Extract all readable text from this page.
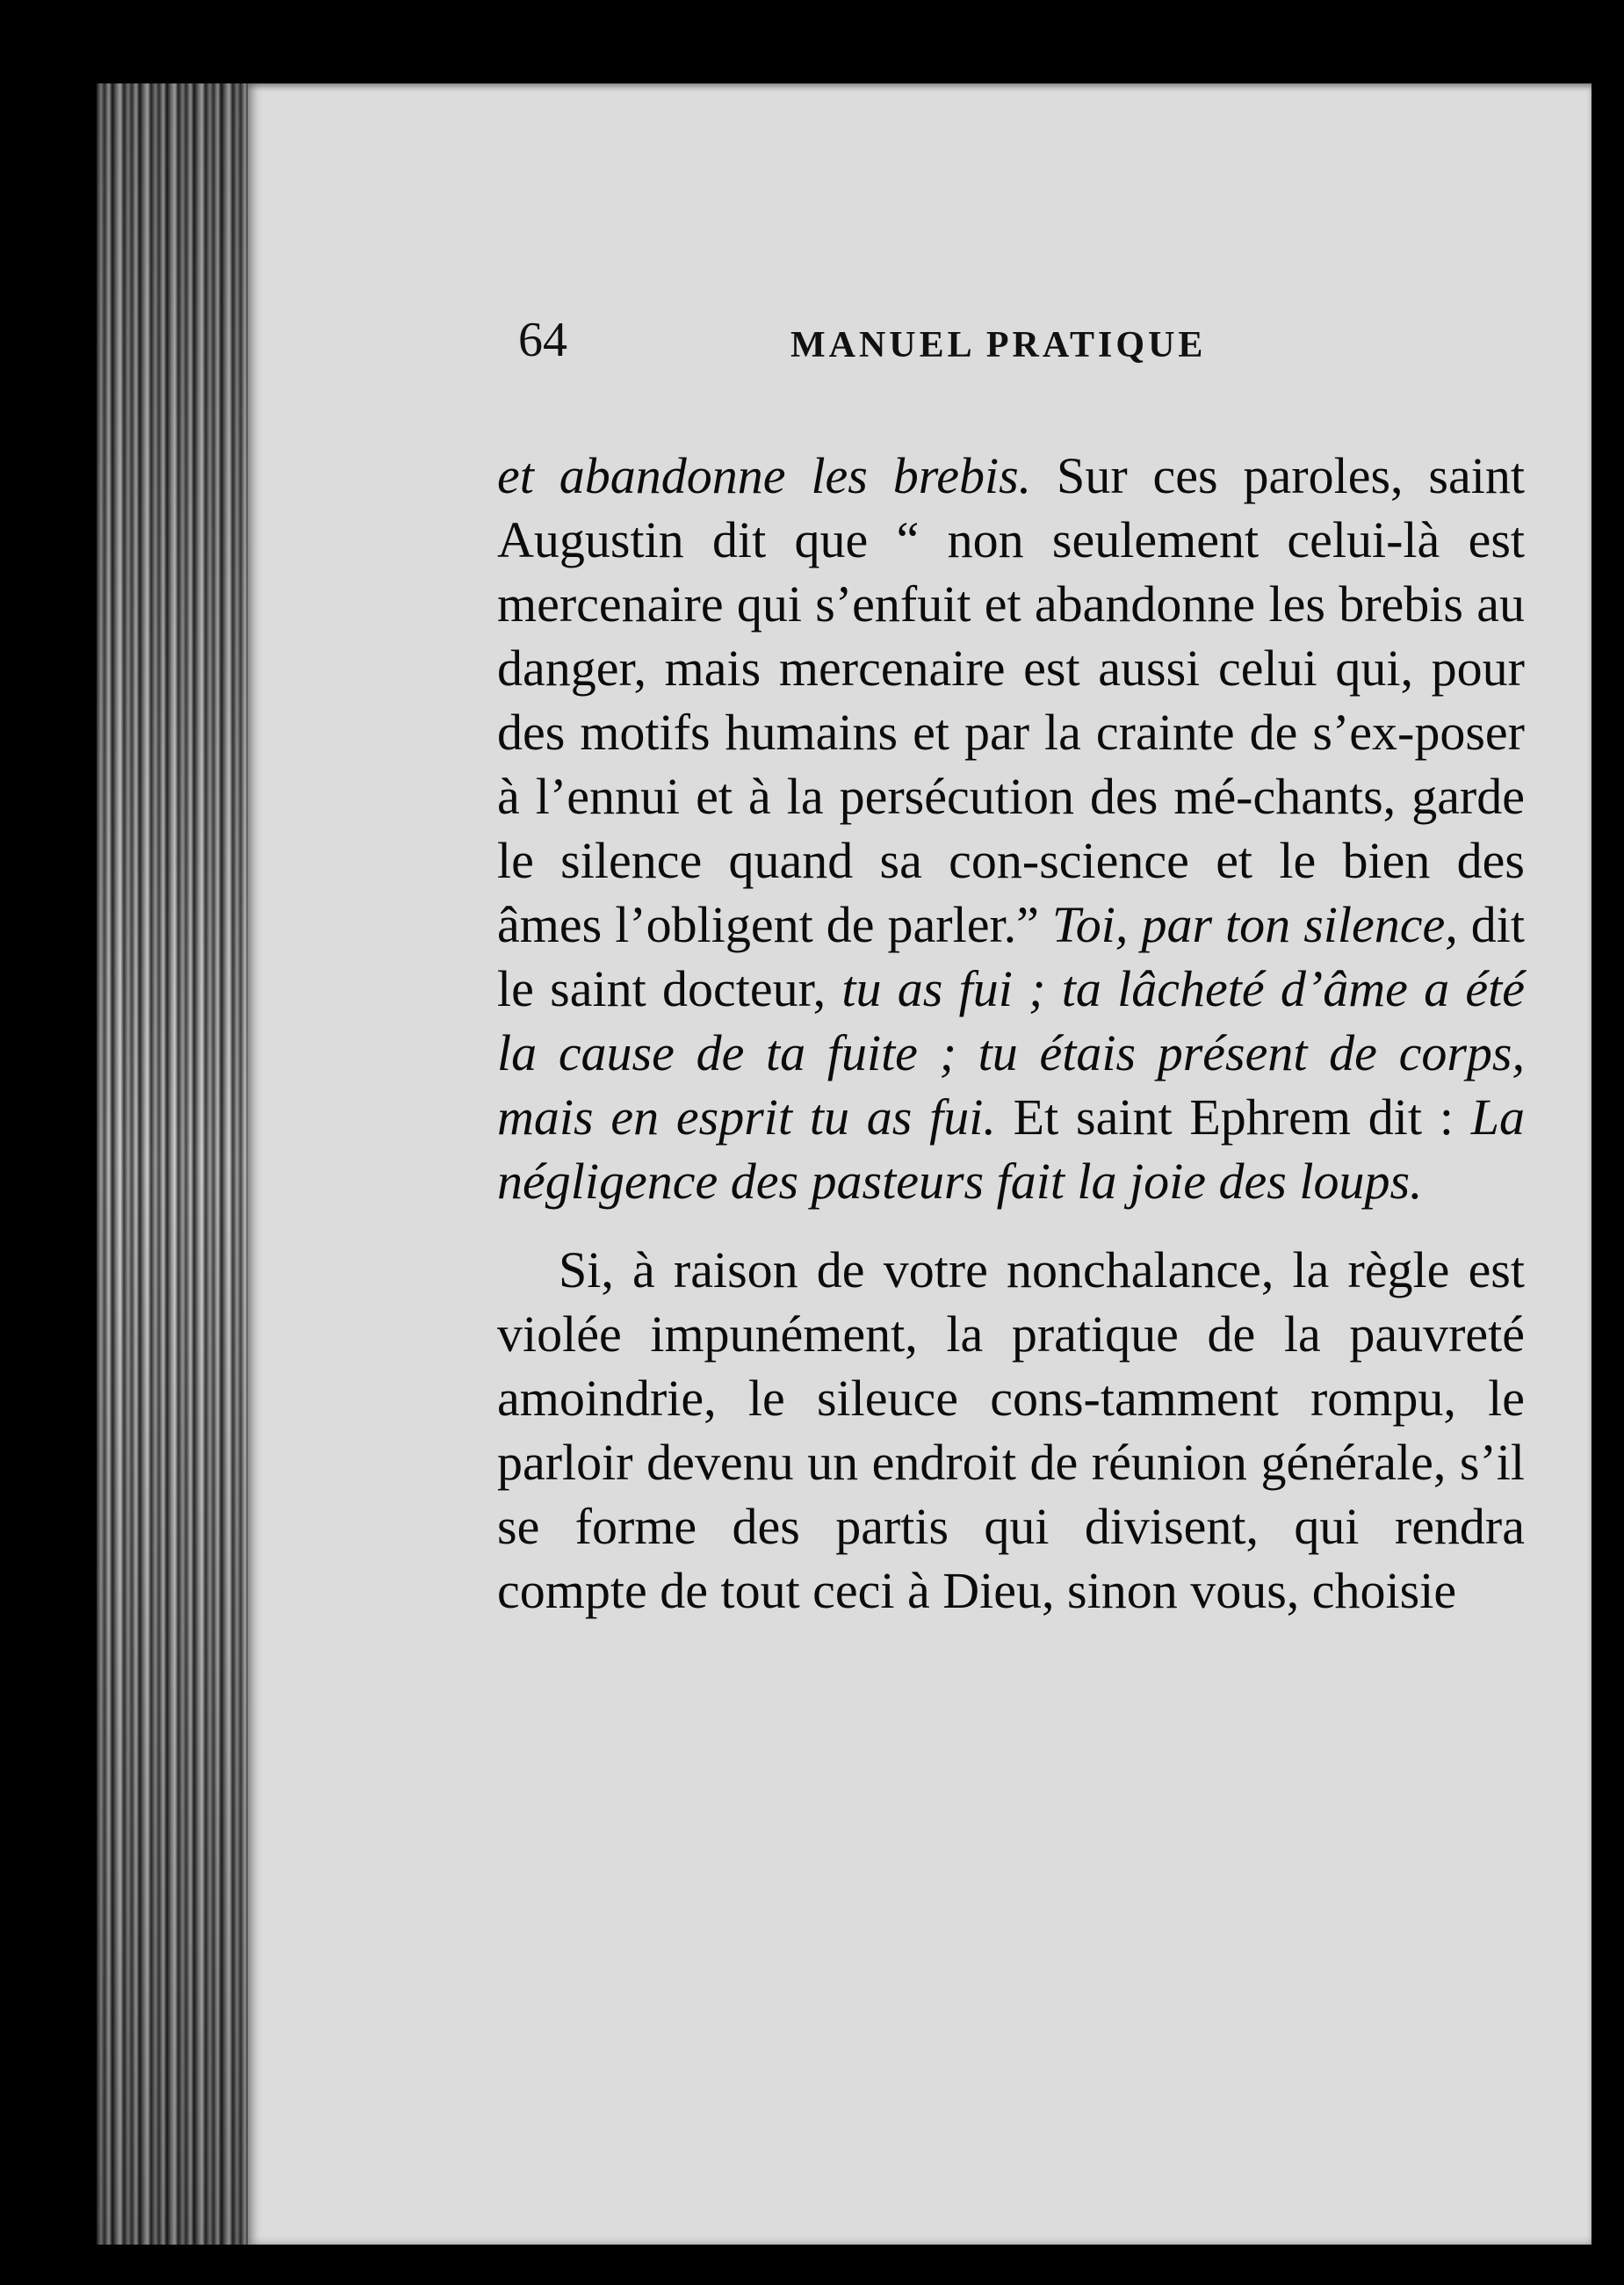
64	MANUEL PRATIQUE

et abandonne les brebis. Sur ces paroles, saint Augustin dit que “ non seulement celui-là est mercenaire qui s’enfuit et abandonne les brebis au danger, mais mercenaire est aussi celui qui, pour des motifs humains et par la crainte de s’ex-poser à l’ennui et à la persécution des mé-chants, garde le silence quand sa con-science et le bien des âmes l’obligent de parler.” Toi, par ton silence, dit le saint docteur, tu as fui ; ta lâcheté d’âme a été la cause de ta fuite ; tu étais présent de corps, mais en esprit tu as fui. Et saint Ephrem dit : La négligence des pasteurs fait la joie des loups.

Si, à raison de votre nonchalance, la règle est violée impunément, la pratique de la pauvreté amoindrie, le sileuce cons-tamment rompu, le parloir devenu un endroit de réunion générale, s’il se forme des partis qui divisent, qui rendra compte de tout ceci à Dieu, sinon vous, choisie
